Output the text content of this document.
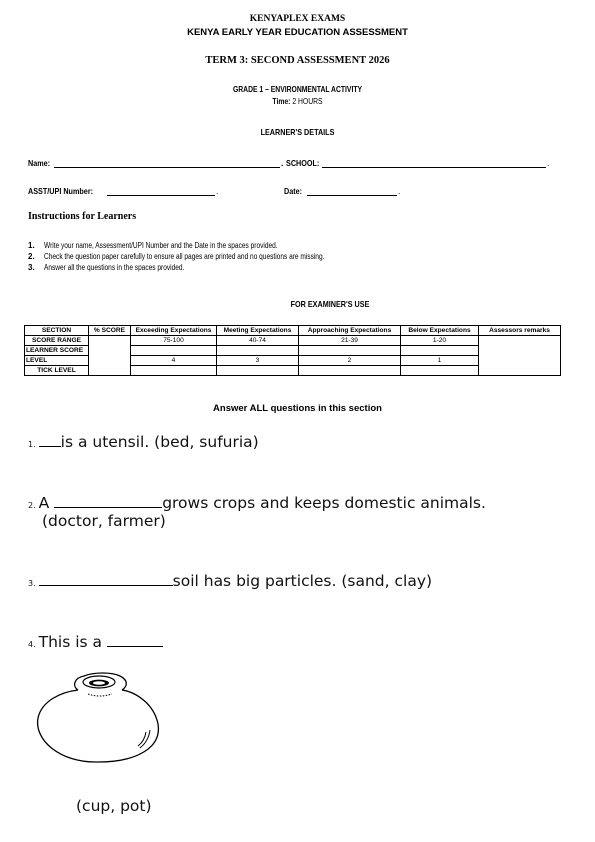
KENYAPLEX EXAMS
KENYA EARLY YEAR EDUCATION ASSESSMENT
TERM 3: SECOND ASSESSMENT 2026
GRADE 1 – ENVIRONMENTAL ACTIVITY
Time: 2 HOURS
LEARNER'S DETAILS
Name:	. SCHOOL:	.
ASST/UPI Number:	.	Date:	.
Instructions for Learners
1. Write your name, Assessment/UPI Number and the Date in the spaces provided.
2. Check the question paper carefully to ensure all pages are printed and no questions are missing.
3. Answer all the questions in the spaces provided.
FOR EXAMINER'S USE
SECTION	% SCORE	Exceeding Expectations	Meeting Expectations	Approaching Expectations	Below Expectations	Assessors remarks
SCORE RANGE		75-100	40-74	21-39	1-20	
LEARNER SCORE						
LEVEL		4	3	2	1	
TICK LEVEL						
Answer ALL questions in this section
1. is a utensil. (bed, sufuria)
2. A	grows crops and keeps domestic animals.
(doctor, farmer)
3.	soil has big particles. (sand, clay)
4. This is a
(cup, pot)
